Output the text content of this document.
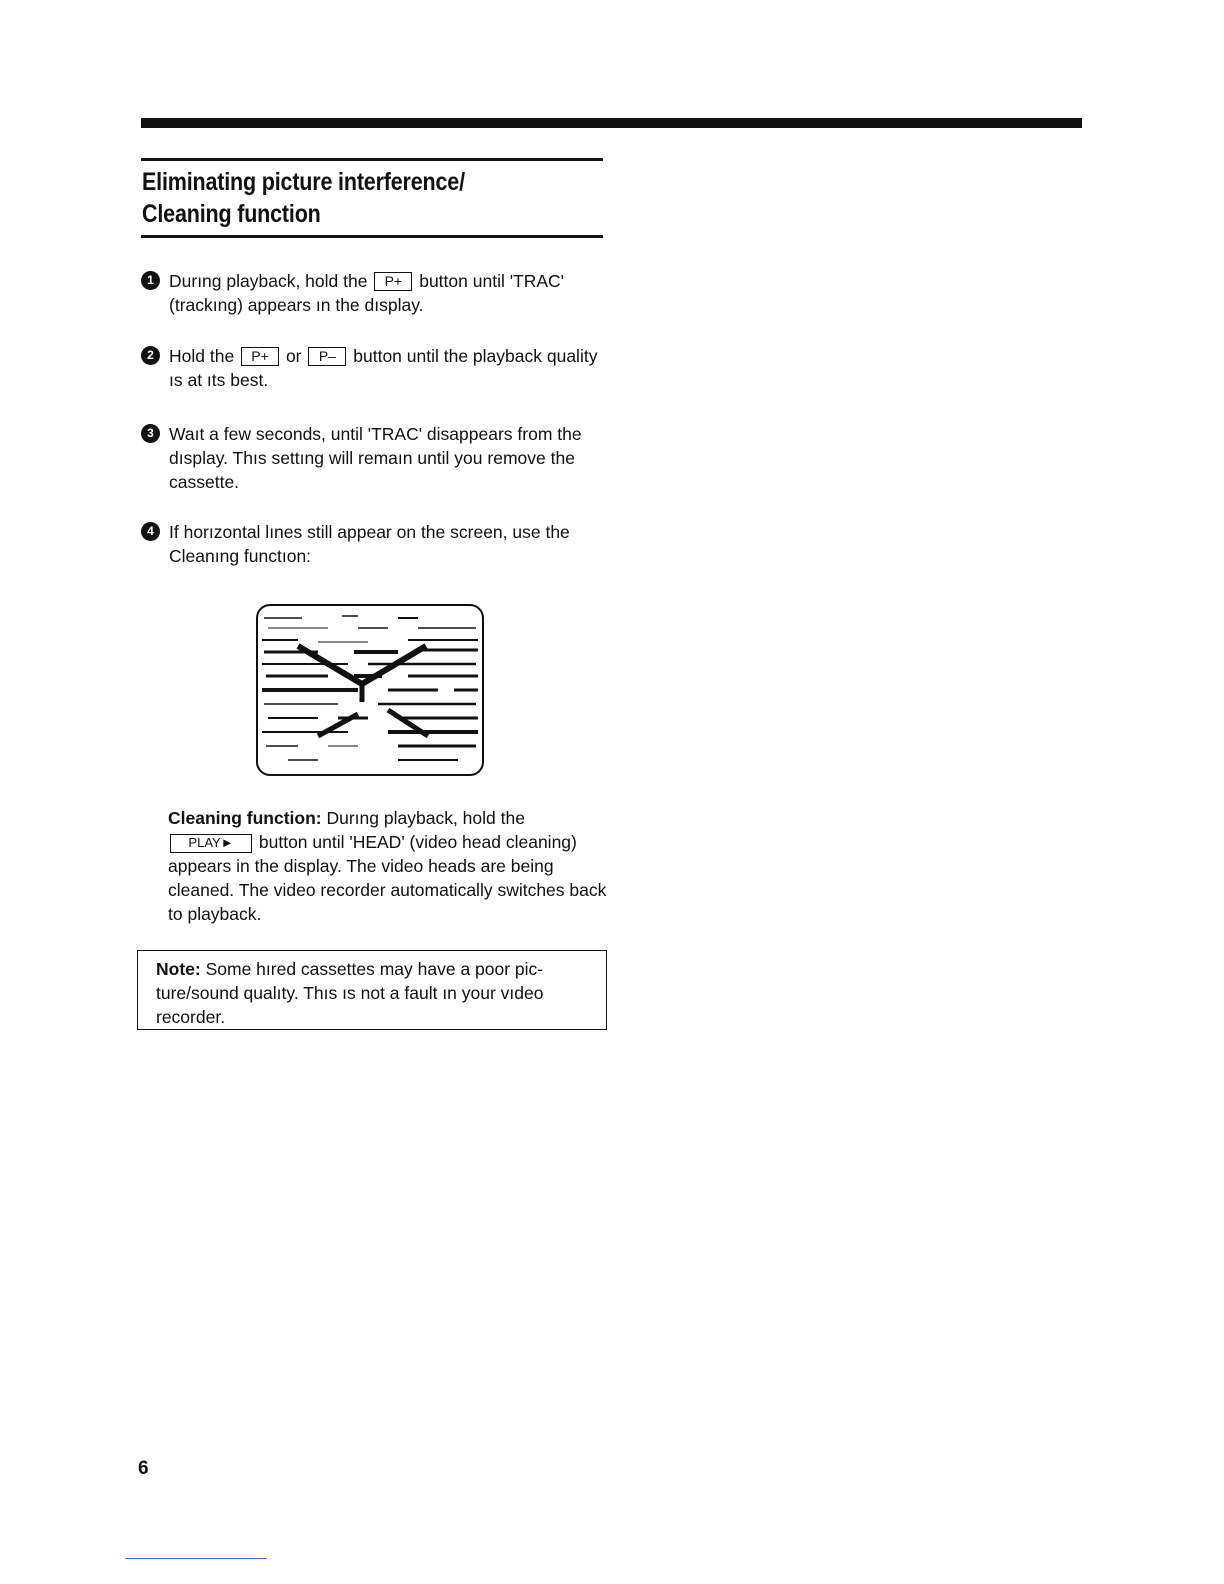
Eliminating picture interference/
Cleaning function
1 Durıng playback, hold the P+ button until 'TRAC'
(trackıng) appears ın the dısplay.
2 Hold the P+ or P– button until the playback quality
ıs at ıts best.
3 Waıt a few seconds, until 'TRAC' disappears from the dısplay. Thıs settıng will remaın until you remove the cassette.
4 If horızontal lınes still appear on the screen, use the Cleanıng functıon:
Cleaning function: Durıng playback, hold the
PLAY► button until 'HEAD' (video head cleaning) appears in the display. The video heads are being cleaned. The video recorder automatically switches back to playback.
Note: Some hıred cassettes may have a poor pic-ture/sound qualıty. Thıs ıs not a fault ın your vıdeo recorder.
6
